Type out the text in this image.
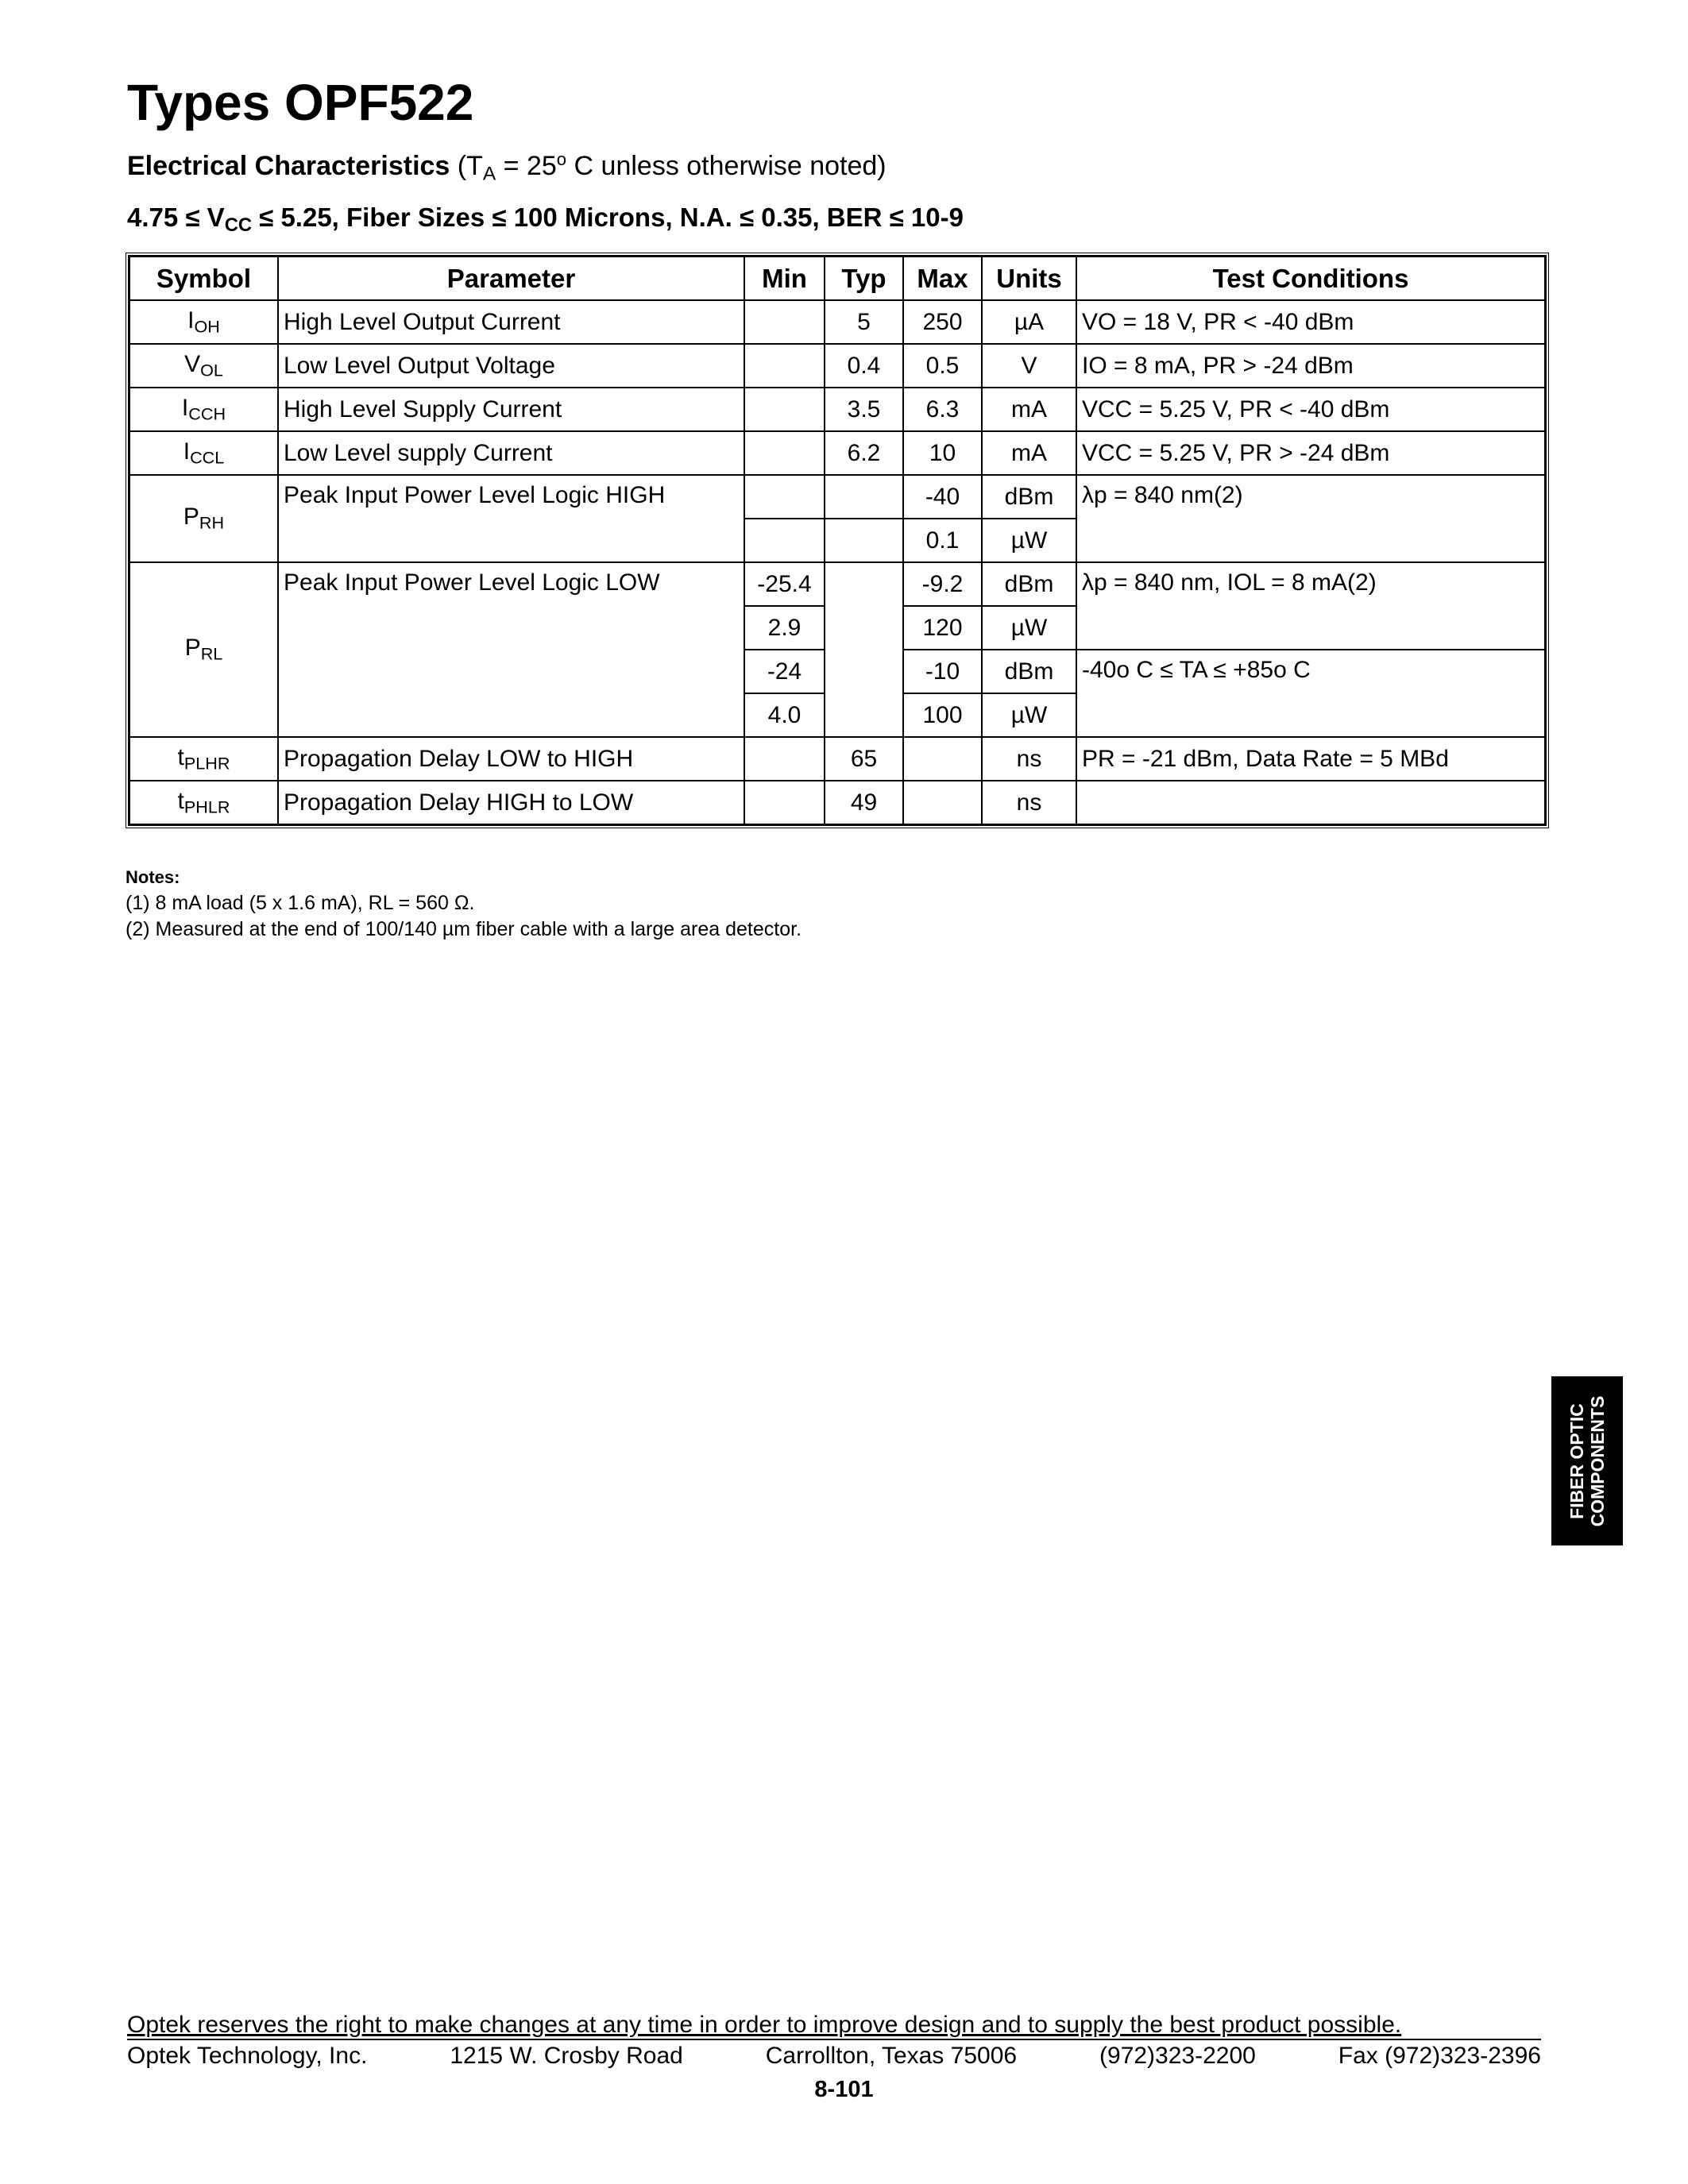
Types OPF522
Electrical Characteristics ($T_A = 25^o$ C unless otherwise noted)
$4.75 \le V_{CC} \le 5.25$, Fiber Sizes ≤ 100 Microns, N.A. ≤ 0.35, BER ≤ 10-9
Symbol	Parameter	Min	Typ	Max	Units	Test Conditions
$I_{OH}$	High Level Output Current		5	250	µA	VO = 18 V, PR < -40 dBm
$V_{OL}$	Low Level Output Voltage		0.4	0.5	V	IO = 8 mA, PR > -24 dBm
$I_{CCH}$	High Level Supply Current		3.5	6.3	mA	VCC = 5.25 V, PR < -40 dBm
$I_{CCL}$	Low Level supply Current		6.2	10	mA	VCC = 5.25 V, PR > -24 dBm
$P_{RH}$	Peak Input Power Level Logic HIGH			-40	dBm	λp = 840 nm(2)
				0.1	µW	
$P_{RL}$	Peak Input Power Level Logic LOW	-25.4		-9.2	dBm	λp = 840 nm, IOL = 8 mA(2)
		2.9		120	µW	
		-24		-10	dBm	-40o C ≤ TA ≤ +85o C
		4.0		100	µW	
$t_{PLHR}$	Propagation Delay LOW to HIGH		65		ns	PR = -21 dBm, Data Rate = 5 MBd
$t_{PHLR}$	Propagation Delay HIGH to LOW		49		ns	
Notes:
(1) 8 mA load (5 x 1.6 mA), RL = 560 Ω.
(2) Measured at the end of 100/140 µm fiber cable with a large area detector.
FIBER OPTIC
COMPONENTS
Optek reserves the right to make changes at any time in order to improve design and to supply the best product possible.
Optek Technology, Inc.	1215 W. Crosby Road	Carrollton, Texas 75006	(972)323-2200	Fax (972)323-2396
8-101
